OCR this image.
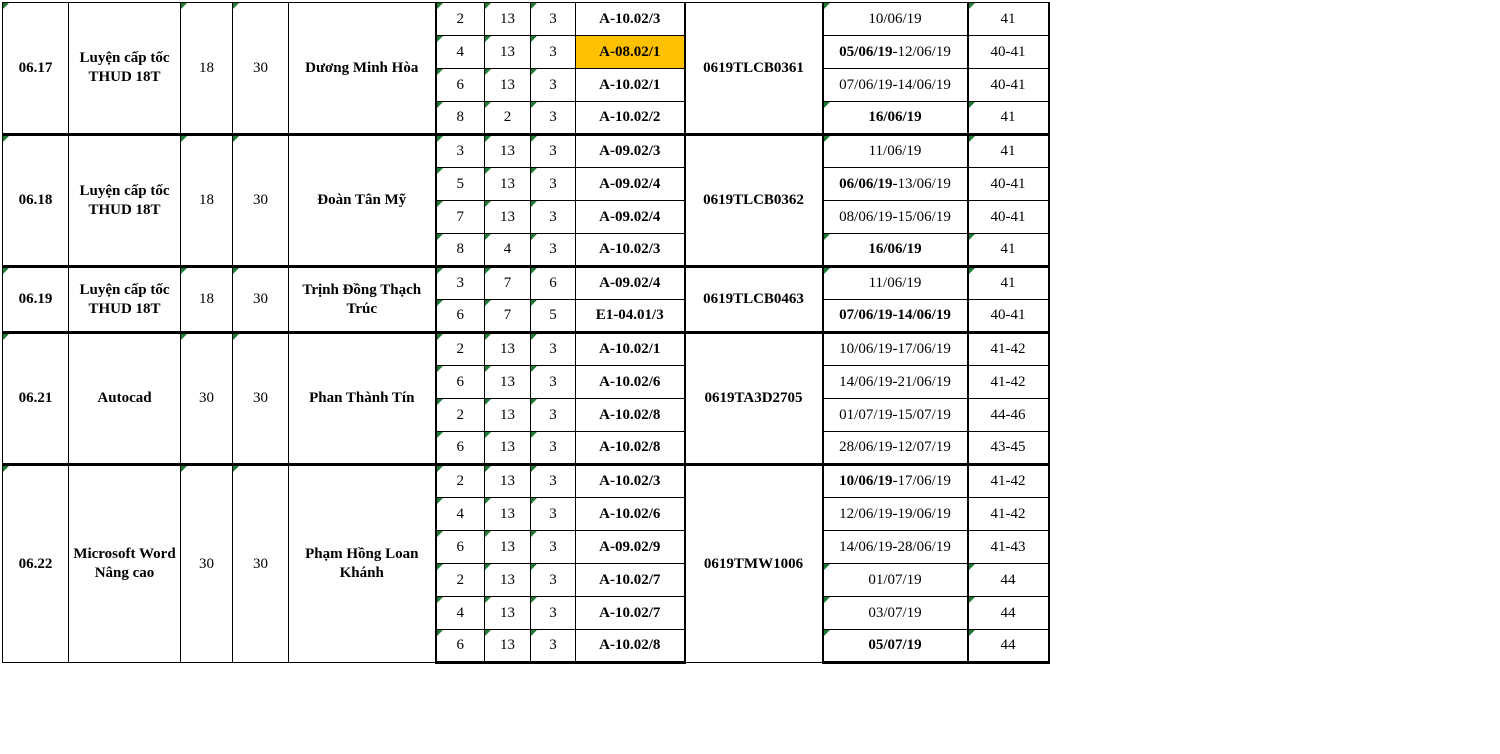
06.17	Luyện cấp tốc THUD 18T	18	30	Dương Minh Hòa	2	13	3	A-10.02/3	0619TLCB0361	10/06/19	41

4	13	3	A-08.02/1		05/06/19-12/06/19	40-41

6	13	3	A-10.02/1		07/06/19-14/06/19	40-41

8	2	3	A-10.02/2		16/06/19	41

06.18	Luyện cấp tốc THUD 18T	18	30	Đoàn Tân Mỹ	3	13	3	A-09.02/3	0619TLCB0362	11/06/19	41

5	13	3	A-09.02/4		06/06/19-13/06/19	40-41

7	13	3	A-09.02/4		08/06/19-15/06/19	40-41

8	4	3	A-10.02/3		16/06/19	41

06.19	Luyện cấp tốc THUD 18T	18	30	Trịnh Đồng Thạch Trúc	3	7	6	A-09.02/4	0619TLCB0463	11/06/19	41

6	7	5	E1-04.01/3		07/06/19-14/06/19	40-41

06.21	Autocad	30	30	Phan Thành Tín	2	13	3	A-10.02/1	0619TA3D2705	10/06/19-17/06/19	41-42

6	13	3	A-10.02/6		14/06/19-21/06/19	41-42

2	13	3	A-10.02/8		01/07/19-15/07/19	44-46

6	13	3	A-10.02/8		28/06/19-12/07/19	43-45

06.22	Microsoft Word Nâng cao	30	30	Phạm Hồng Loan Khánh	2	13	3	A-10.02/3	0619TMW1006	10/06/19-17/06/19	41-42

4	13	3	A-10.02/6		12/06/19-19/06/19	41-42

6	13	3	A-09.02/9		14/06/19-28/06/19	41-43

2	13	3	A-10.02/7		01/07/19	44

4	13	3	A-10.02/7		03/07/19	44

6	13	3	A-10.02/8		05/07/19	44
